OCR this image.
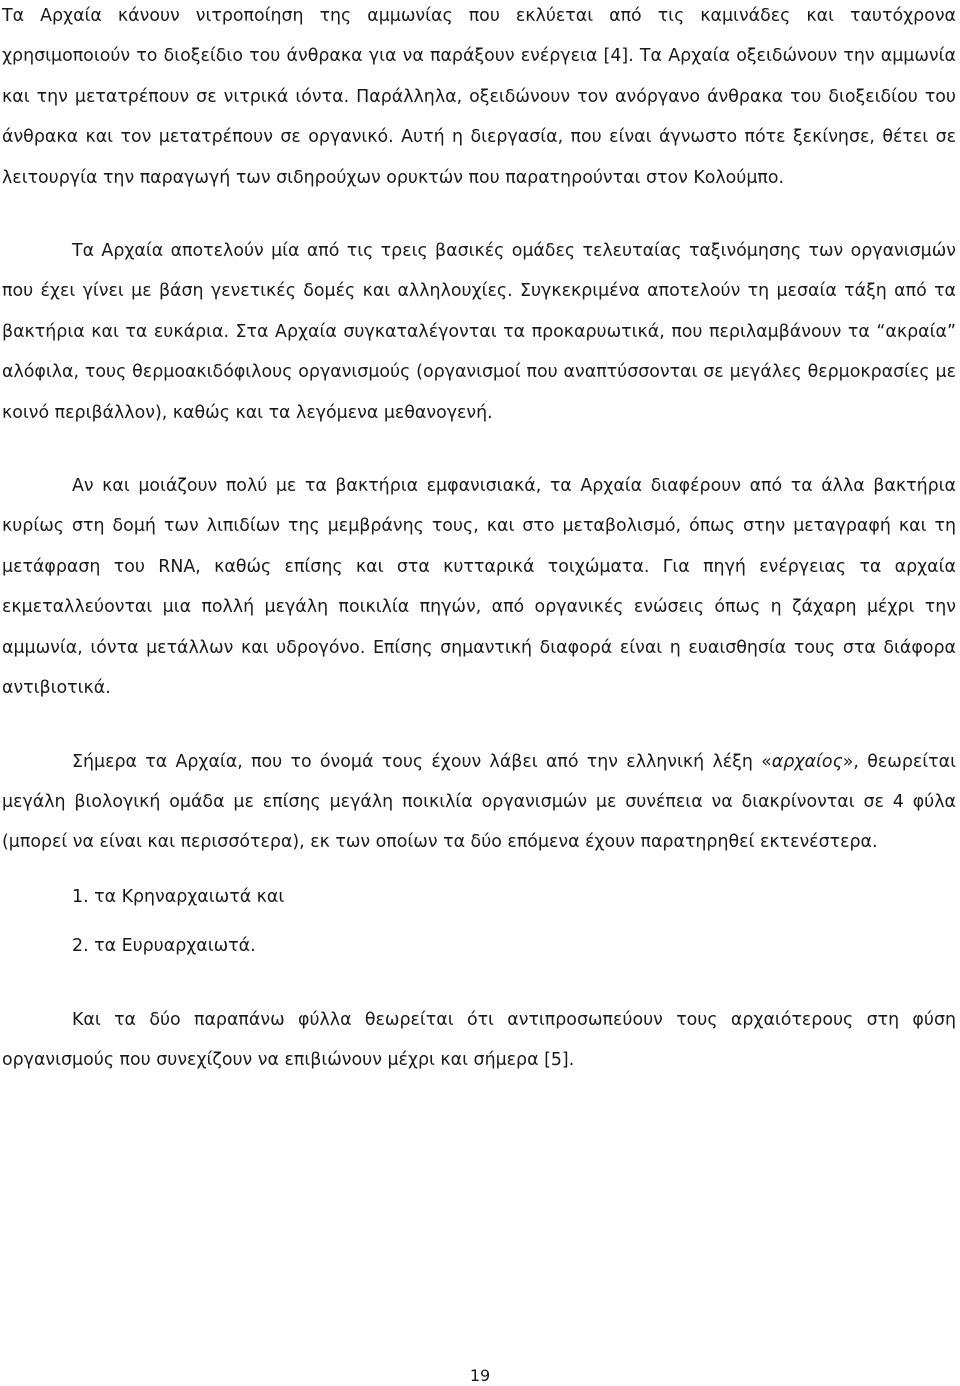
Τα Αρχαία κάνουν νιτροποίηση της αμμωνίας που εκλύεται από τις καμινάδες και ταυτόχρονα χρησιμοποιούν το διοξείδιο του άνθρακα για να παράξουν ενέργεια [4]. Τα Αρχαία οξειδώνουν την αμμωνία και την μετατρέπουν σε νιτρικά ιόντα. Παράλληλα, οξειδώνουν τον ανόργανο άνθρακα του διοξειδίου του άνθρακα και τον μετατρέπουν σε οργανικό. Αυτή η διεργασία, που είναι άγνωστο πότε ξεκίνησε, θέτει σε λειτουργία την παραγωγή των σιδηρούχων ορυκτών που παρατηρούνται στον Κολούμπο.

Τα Αρχαία αποτελούν μία από τις τρεις βασικές ομάδες τελευταίας ταξινόμησης των οργανισμών που έχει γίνει με βάση γενετικές δομές και αλληλουχίες. Συγκεκριμένα αποτελούν τη μεσαία τάξη από τα βακτήρια και τα ευκάρια. Στα Αρχαία συγκαταλέγονται τα προκαρυωτικά, που περιλαμβάνουν τα “ακραία” αλόφιλα, τους θερμοακιδόφιλους οργανισμούς (οργανισμοί που αναπτύσσονται σε μεγάλες θερμοκρασίες με κοινό περιβάλλον), καθώς και τα λεγόμενα μεθανογενή.

Αν και μοιάζουν πολύ με τα βακτήρια εμφανισιακά, τα Αρχαία διαφέρουν από τα άλλα βακτήρια κυρίως στη δομή των λιπιδίων της μεμβράνης τους, και στο μεταβολισμό, όπως στην μεταγραφή και τη μετάφραση του RNA, καθώς επίσης και στα κυτταρικά τοιχώματα. Για πηγή ενέργειας τα αρχαία εκμεταλλεύονται μια πολλή μεγάλη ποικιλία πηγών, από οργανικές ενώσεις όπως η ζάχαρη μέχρι την αμμωνία, ιόντα μετάλλων και υδρογόνο. Επίσης σημαντική διαφορά είναι η ευαισθησία τους στα διάφορα αντιβιοτικά.

Σήμερα τα Αρχαία, που το όνομά τους έχουν λάβει από την ελληνική λέξη «αρχαίος», θεωρείται μεγάλη βιολογική ομάδα με επίσης μεγάλη ποικιλία οργανισμών με συνέπεια να διακρίνονται σε 4 φύλα (μπορεί να είναι και περισσότερα), εκ των οποίων τα δύο επόμενα έχουν παρατηρηθεί εκτενέστερα.

1. τα Κρηναρχαιωτά και
2. τα Ευρυαρχαιωτά.

Και τα δύο παραπάνω φύλλα θεωρείται ότι αντιπροσωπεύουν τους αρχαιότερους στη φύση οργανισμούς που συνεχίζουν να επιβιώνουν μέχρι και σήμερα [5].

19
